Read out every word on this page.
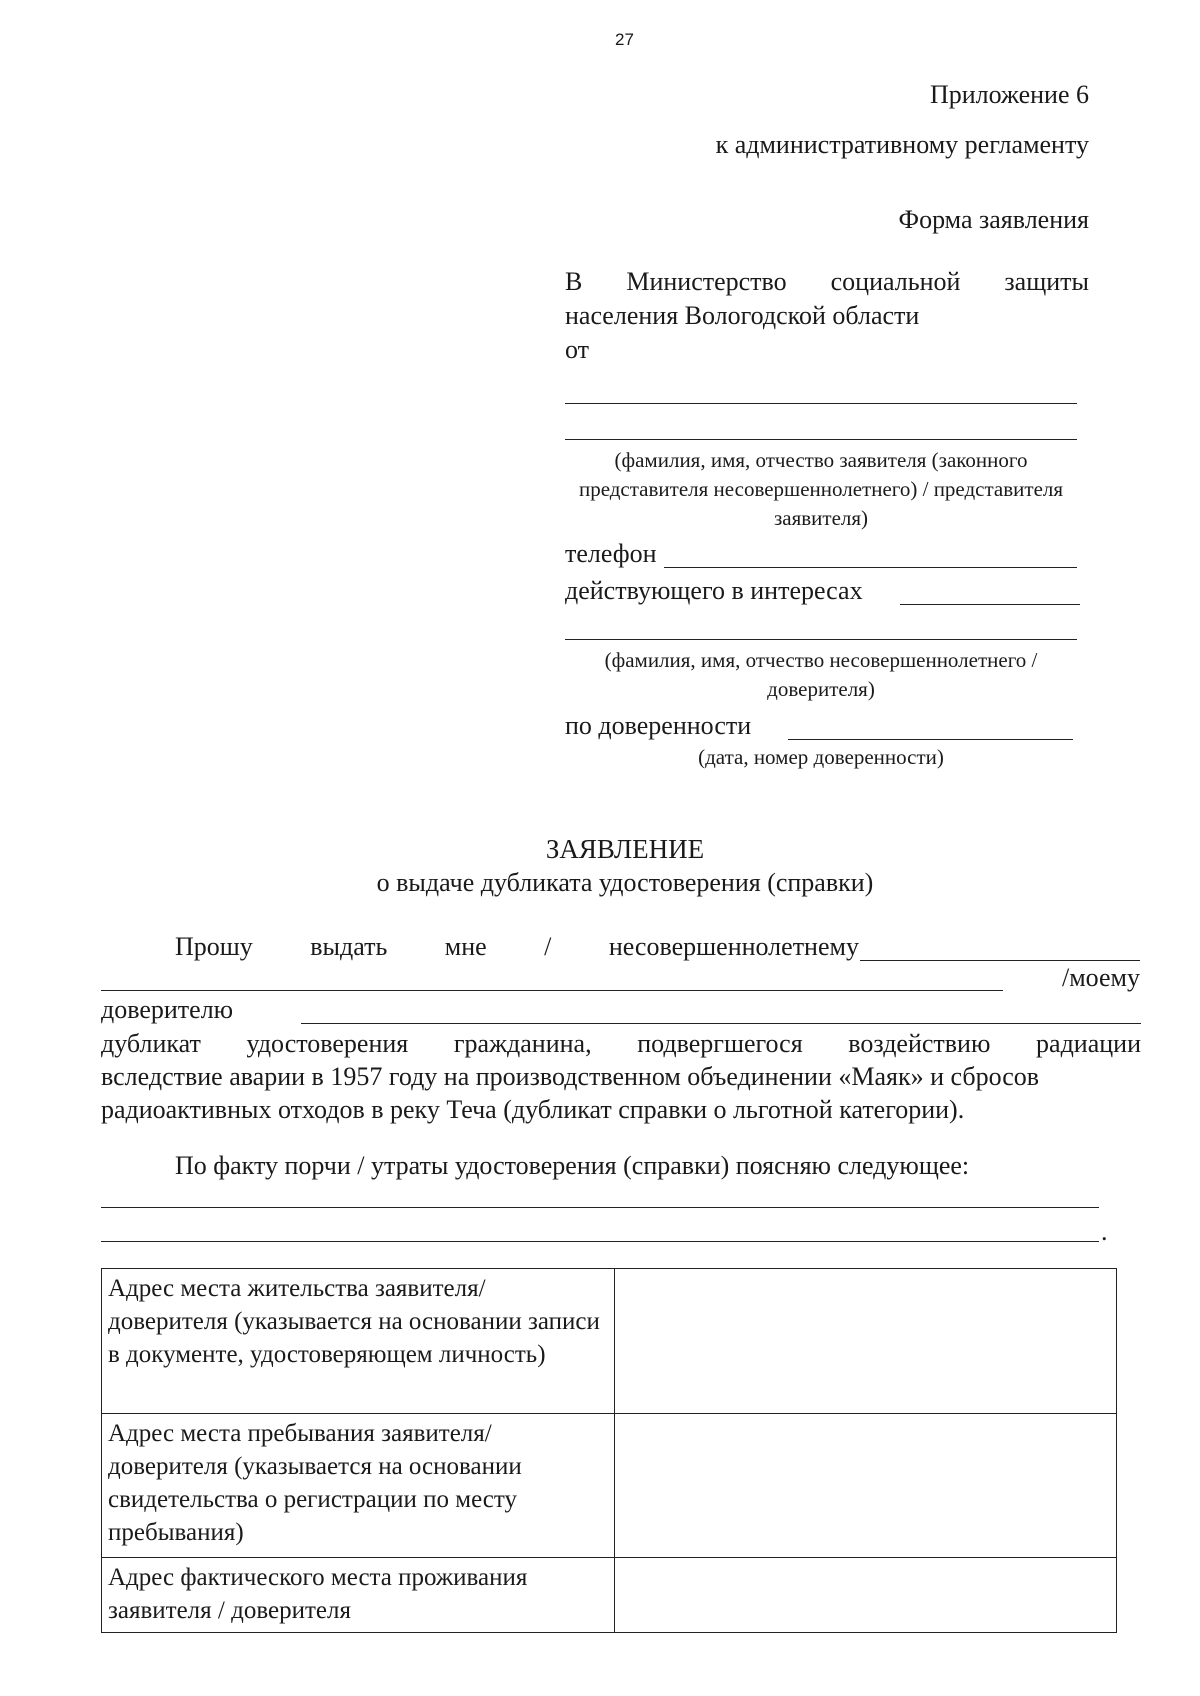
27
Приложение 6
к административному регламенту
Форма заявления
В Министерство социальной защиты
населения Вологодской области
от
(фамилия, имя, отчество заявителя (законного представителя несовершеннолетнего) / представителя заявителя)
телефон
действующего в интересах
(фамилия, имя, отчество несовершеннолетнего / доверителя)
по доверенности
(дата, номер доверенности)
ЗАЯВЛЕНИЕ
о выдаче дубликата удостоверения (справки)
Прошу выдать мне / несовершеннолетнему
/моему
доверителю
дубликат удостоверения гражданина, подвергшегося воздействию радиации
вследствие аварии в 1957 году на производственном объединении «Маяк» и сбросов
радиоактивных отходов в реку Теча (дубликат справки о льготной категории).
По факту порчи / утраты удостоверения (справки) поясняю следующее:
.
Адрес места жительства заявителя/ доверителя (указывается на основании записи в документе, удостоверяющем личность)	
Адрес места пребывания заявителя/ доверителя (указывается на основании свидетельства о регистрации по месту пребывания)	
Адрес фактического места проживания заявителя / доверителя	
